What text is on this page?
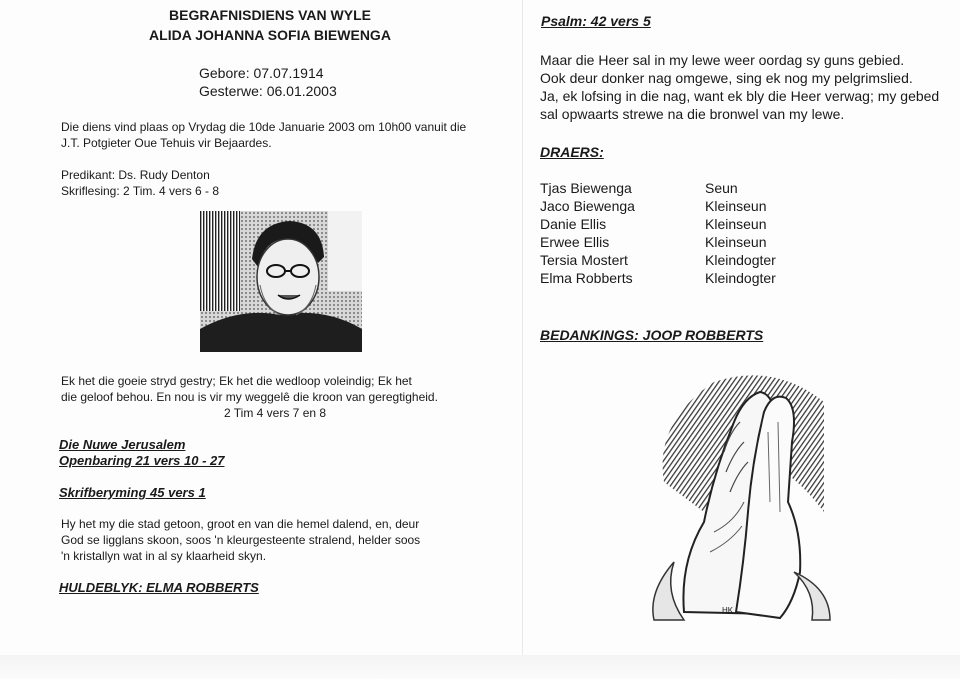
BEGRAFNISDIENS VAN WYLE
ALIDA JOHANNA SOFIA BIEWENGA
Gebore: 07.07.1914
Gesterwe: 06.01.2003
Die diens vind plaas op Vrydag die 10de Januarie 2003 om 10h00 vanuit die
J.T. Potgieter Oue Tehuis vir Bejaardes.
Predikant: Ds. Rudy Denton
Skriflesing: 2 Tim. 4 vers 6 - 8
Ek het die goeie stryd gestry; Ek het die wedloop voleindig; Ek het
die geloof behou. En nou is vir my weggelê die kroon van geregtigheid.
2 Tim 4 vers 7 en 8
Die Nuwe Jerusalem
Openbaring 21 vers 10 - 27
Skrifberyming 45 vers 1
Hy het my die stad getoon, groot en van die hemel dalend, en, deur
God se ligglans skoon, soos 'n kleurgesteente stralend, helder soos
'n kristallyn wat in al sy klaarheid skyn.
HULDEBLYK: ELMA ROBBERTS
Psalm: 42 vers 5
Maar die Heer sal in my lewe weer oordag sy guns gebied.
Ook deur donker nag omgewe, sing ek nog my pelgrimslied.
Ja, ek lofsing in die nag, want ek bly die Heer verwag; my gebed
sal opwaarts strewe na die bronwel van my lewe.
DRAERS:
Tjas Biewenga	Seun
Jaco Biewenga	Kleinseun
Danie Ellis	Kleinseun
Erwee Ellis	Kleinseun
Tersia Mostert	Kleindogter
Elma Robberts	Kleindogter
BEDANKINGS: JOOP ROBBERTS
HK
